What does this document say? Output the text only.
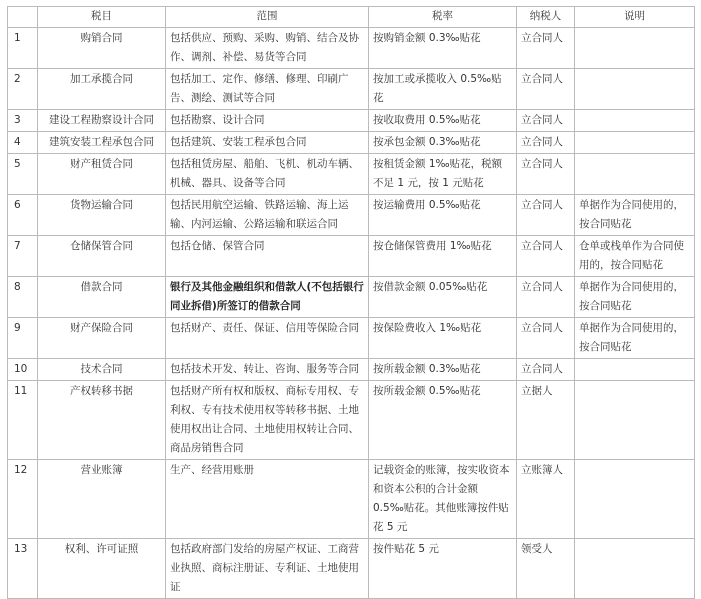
	税目	范围	税率	纳税人	说明
1	购销合同	包括供应、预购、采购、购销、结合及协作、调剂、补偿、易货等合同	按购销金额 0.3‰贴花	立合同人	
2	加工承揽合同	包括加工、定作、修缮、修理、印刷广告、测绘、测试等合同	按加工或承揽收入 0.5‰贴花	立合同人	
3	建设工程勘察设计合同	包括勘察、设计合同	按收取费用 0.5‰贴花	立合同人	
4	建筑安装工程承包合同	包括建筑、安装工程承包合同	按承包金额 0.3‰贴花	立合同人	
5	财产租赁合同	包括租赁房屋、船舶、飞机、机动车辆、机械、器具、设备等合同	按租赁金额 1‰贴花，税额不足 1 元，按 1 元贴花	立合同人	
6	货物运输合同	包括民用航空运输、铁路运输、海上运输、内河运输、公路运输和联运合同	按运输费用 0.5‰贴花	立合同人	单据作为合同使用的，按合同贴花
7	仓储保管合同	包括仓储、保管合同	按仓储保管费用 1‰贴花	立合同人	仓单或栈单作为合同使用的，按合同贴花
8	借款合同	银行及其他金融组织和借款人(不包括银行同业拆借)所签订的借款合同	按借款金额 0.05‰贴花	立合同人	单据作为合同使用的，按合同贴花
9	财产保险合同	包括财产、责任、保证、信用等保险合同	按保险费收入 1‰贴花	立合同人	单据作为合同使用的，按合同贴花
10	技术合同	包括技术开发、转让、咨询、服务等合同	按所载金额 0.3‰贴花	立合同人	
11	产权转移书据	包括财产所有权和版权、商标专用权、专利权、专有技术使用权等转移书据、土地使用权出让合同、土地使用权转让合同、商品房销售合同	按所载金额 0.5‰贴花	立据人	
12	营业账簿	生产、经营用账册	记载资金的账簿，按实收资本和资本公积的合计金额 0.5‰贴花。其他账簿按件贴花 5 元	立账簿人	
13	权利、许可证照	包括政府部门发给的房屋产权证、工商营业执照、商标注册证、专利证、土地使用证	按件贴花 5 元	领受人	
